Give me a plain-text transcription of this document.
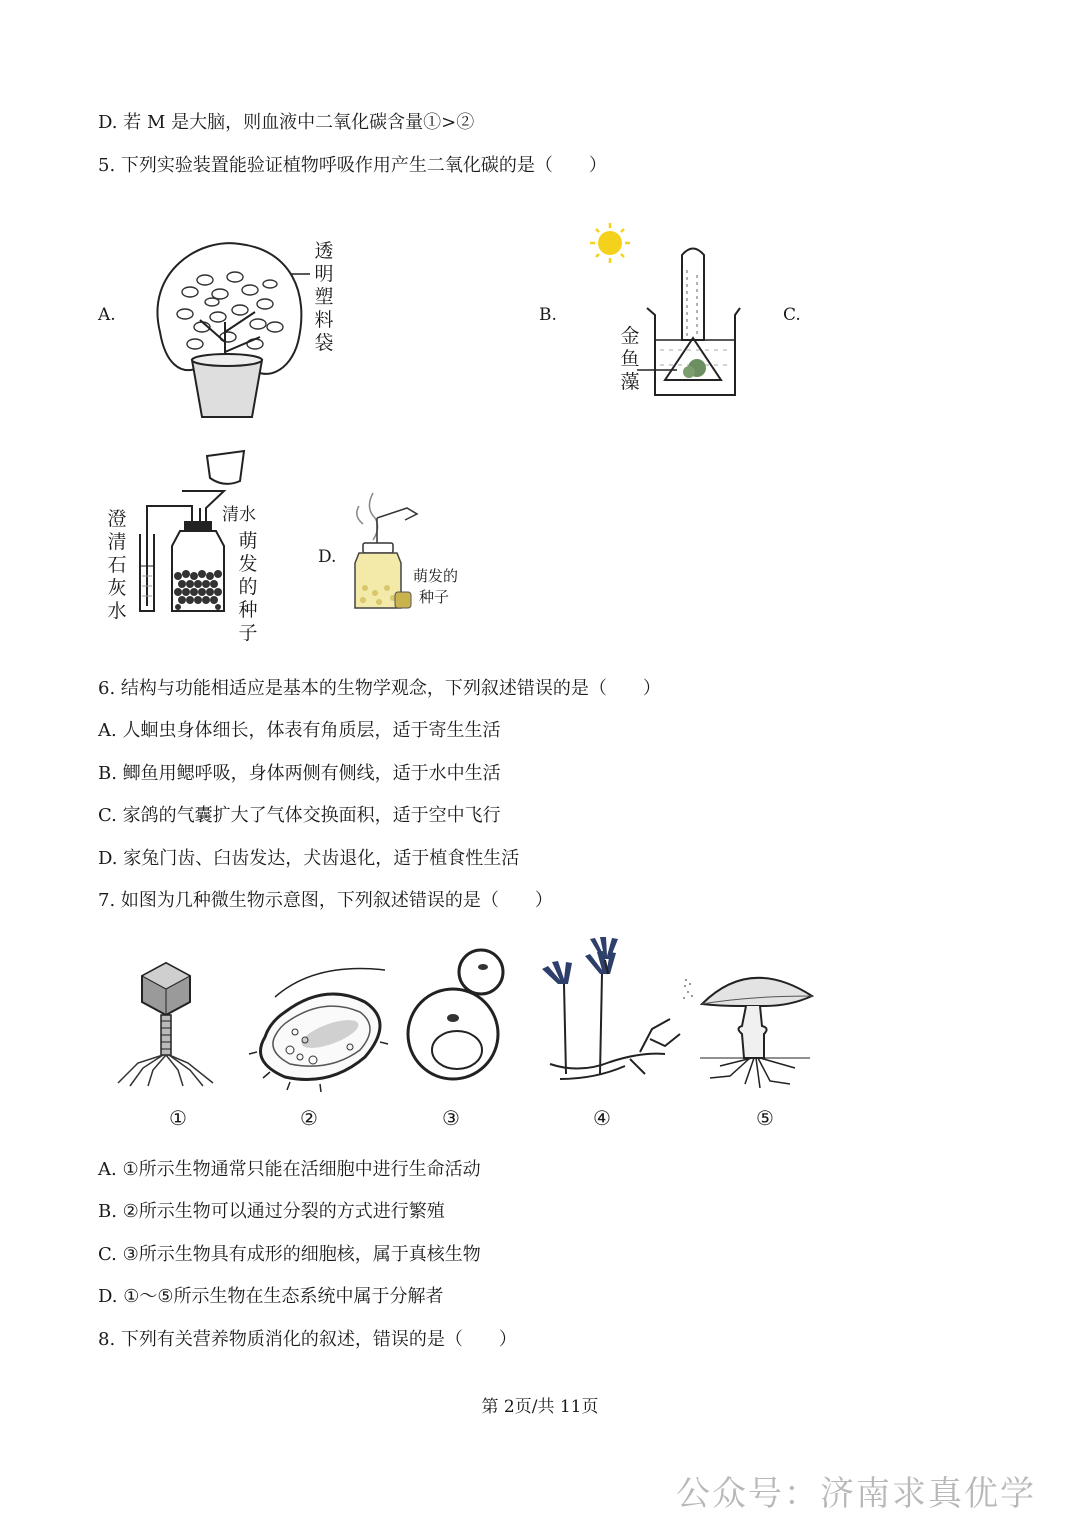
D. 若 M 是大脑，则血液中二氧化碳含量①>②
5. 下列实验装置能验证植物呼吸作用产生二氧化碳的是（　　）
A.	B.	C.
D.
透明塑料袋	金鱼藻
清水
澄清石灰水
萌发的种子
萌发的
种子
6. 结构与功能相适应是基本的生物学观念，下列叙述错误的是（　　）
A. 人蛔虫身体细长，体表有角质层，适于寄生生活
B. 鲫鱼用鳃呼吸，身体两侧有侧线，适于水中生活
C. 家鸽的气囊扩大了气体交换面积，适于空中飞行
D. 家兔门齿、臼齿发达，犬齿退化，适于植食性生活
7. 如图为几种微生物示意图，下列叙述错误的是（　　）
①	②	③	④	⑤
A. ①所示生物通常只能在活细胞中进行生命活动
B. ②所示生物可以通过分裂的方式进行繁殖
C. ③所示生物具有成形的细胞核，属于真核生物
D. ①～⑤所示生物在生态系统中属于分解者
8. 下列有关营养物质消化的叙述，错误的是（　　）
第 2页/共 11页
公众号：济南求真优学
